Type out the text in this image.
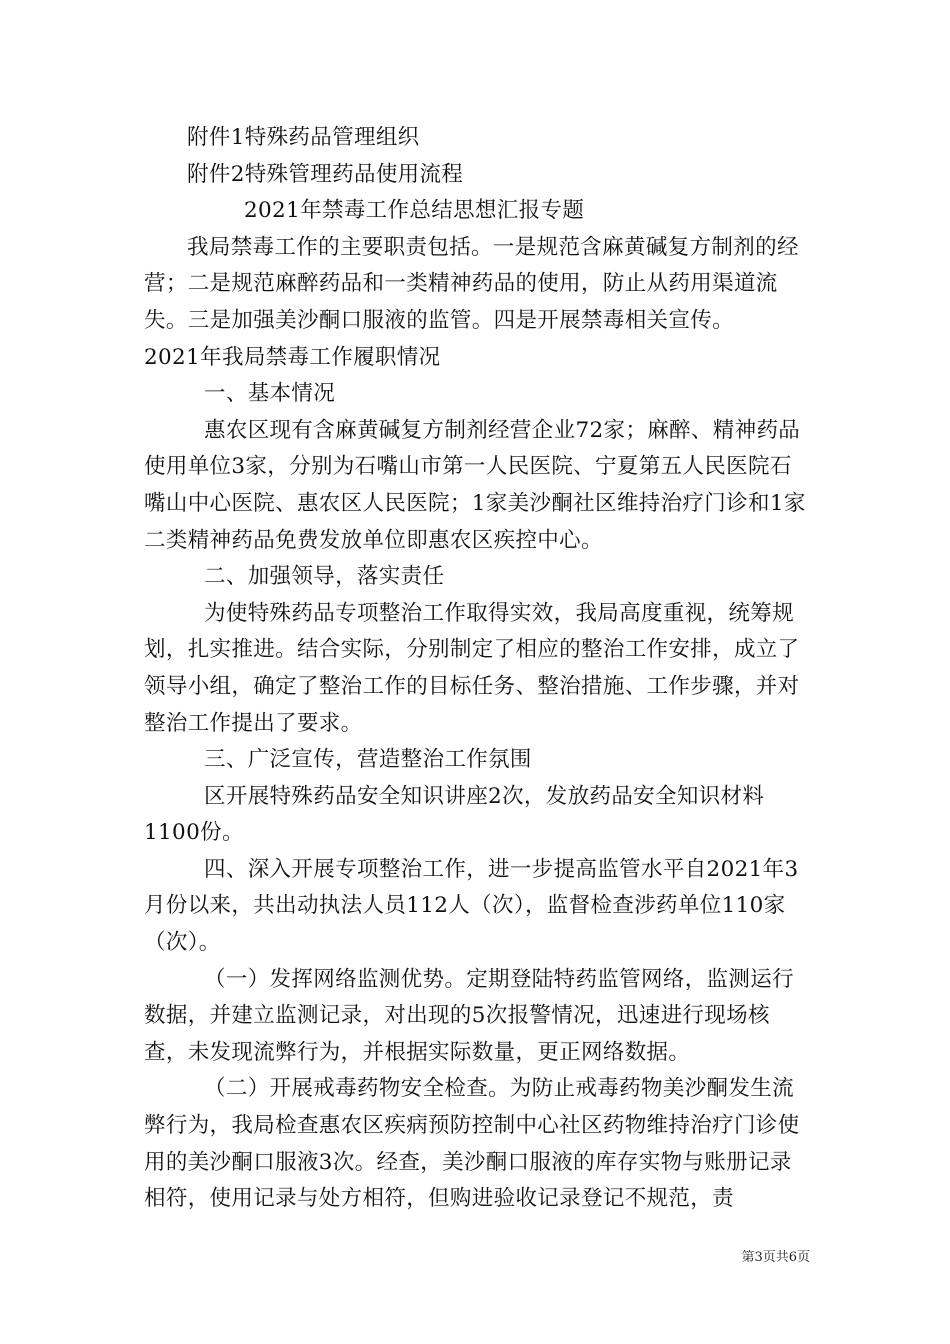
附件1特殊药品管理组织

附件2特殊管理药品使用流程

2021年禁毒工作总结思想汇报专题

我局禁毒工作的主要职责包括。一是规范含麻黄碱复方制剂的经营；二是规范麻醉药品和一类精神药品的使用，防止从药用渠道流失。三是加强美沙酮口服液的监管。四是开展禁毒相关宣传。

2021年我局禁毒工作履职情况

一、基本情况

惠农区现有含麻黄碱复方制剂经营企业72家；麻醉、精神药品使用单位3家，分别为石嘴山市第一人民医院、宁夏第五人民医院石嘴山中心医院、惠农区人民医院；1家美沙酮社区维持治疗门诊和1家二类精神药品免费发放单位即惠农区疾控中心。

二、加强领导，落实责任

为使特殊药品专项整治工作取得实效，我局高度重视，统筹规划，扎实推进。结合实际，分别制定了相应的整治工作安排，成立了领导小组，确定了整治工作的目标任务、整治措施、工作步骤，并对整治工作提出了要求。

三、广泛宣传，营造整治工作氛围

区开展特殊药品安全知识讲座2次，发放药品安全知识材料1100份。

四、深入开展专项整治工作，进一步提高监管水平自2021年3月份以来，共出动执法人员112人（次），监督检查涉药单位110家（次）。

（一）发挥网络监测优势。定期登陆特药监管网络，监测运行数据，并建立监测记录，对出现的5次报警情况，迅速进行现场核查，未发现流弊行为，并根据实际数量，更正网络数据。

（二）开展戒毒药物安全检查。为防止戒毒药物美沙酮发生流弊行为，我局检查惠农区疾病预防控制中心社区药物维持治疗门诊使用的美沙酮口服液3次。经查，美沙酮口服液的库存实物与账册记录相符，使用记录与处方相符，但购进验收记录登记不规范，责

第3页共6页
